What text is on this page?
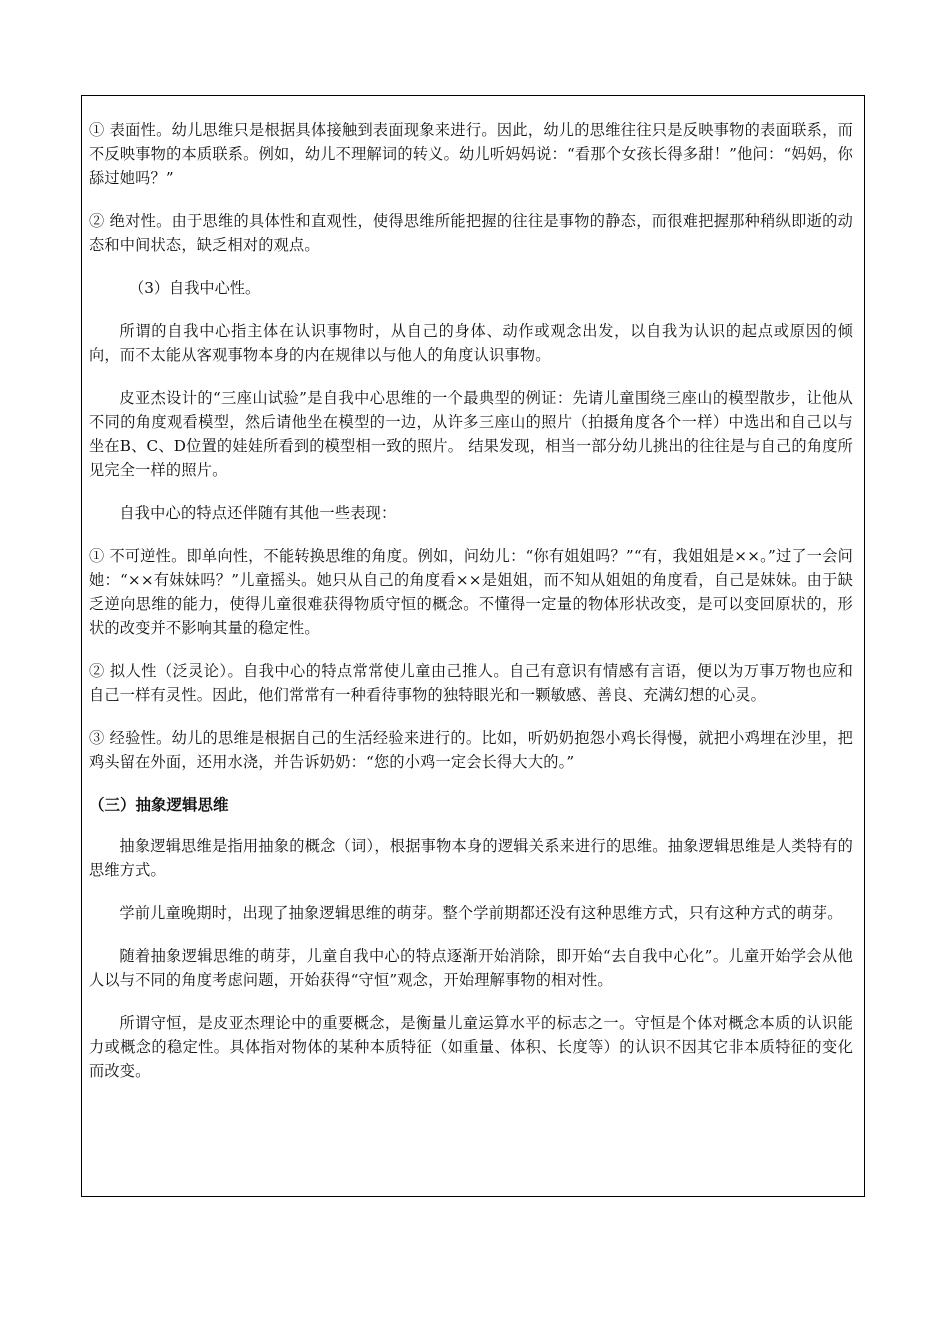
① 表面性。幼儿思维只是根据具体接触到表面现象来进行。因此，幼儿的思维往往只是反映事物的表面联系，而不反映事物的本质联系。例如，幼儿不理解词的转义。幼儿听妈妈说：“看那个女孩长得多甜！”他问：“妈妈，你舔过她吗？”

② 绝对性。由于思维的具体性和直观性，使得思维所能把握的往往是事物的静态，而很难把握那种稍纵即逝的动态和中间状态，缺乏相对的观点。

（3）自我中心性。

所谓的自我中心指主体在认识事物时，从自己的身体、动作或观念出发，以自我为认识的起点或原因的倾向，而不太能从客观事物本身的内在规律以与他人的角度认识事物。

皮亚杰设计的“三座山试验”是自我中心思维的一个最典型的例证：先请儿童围绕三座山的模型散步，让他从不同的角度观看模型，然后请他坐在模型的一边，从许多三座山的照片（拍摄角度各个一样）中选出和自己以与坐在B、C、D位置的娃娃所看到的模型相一致的照片。 结果发现，相当一部分幼儿挑出的往往是与自己的角度所见完全一样的照片。

自我中心的特点还伴随有其他一些表现：

① 不可逆性。即单向性，不能转换思维的角度。例如，问幼儿：“你有姐姐吗？”“有，我姐姐是××。”过了一会问她：“××有妹妹吗？”儿童摇头。她只从自己的角度看××是姐姐，而不知从姐姐的角度看，自己是妹妹。由于缺乏逆向思维的能力，使得儿童很难获得物质守恒的概念。不懂得一定量的物体形状改变，是可以变回原状的，形状的改变并不影响其量的稳定性。

② 拟人性（泛灵论）。自我中心的特点常常使儿童由己推人。自己有意识有情感有言语，便以为万事万物也应和自己一样有灵性。因此，他们常常有一种看待事物的独特眼光和一颗敏感、善良、充满幻想的心灵。

③ 经验性。幼儿的思维是根据自己的生活经验来进行的。比如，听奶奶抱怨小鸡长得慢，就把小鸡埋在沙里，把鸡头留在外面，还用水浇，并告诉奶奶：“您的小鸡一定会长得大大的。”

（三）抽象逻辑思维

抽象逻辑思维是指用抽象的概念（词），根据事物本身的逻辑关系来进行的思维。抽象逻辑思维是人类特有的思维方式。

学前儿童晚期时，出现了抽象逻辑思维的萌芽。整个学前期都还没有这种思维方式，只有这种方式的萌芽。

随着抽象逻辑思维的萌芽，儿童自我中心的特点逐渐开始消除，即开始“去自我中心化”。儿童开始学会从他人以与不同的角度考虑问题，开始获得“守恒”观念，开始理解事物的相对性。

所谓守恒，是皮亚杰理论中的重要概念，是衡量儿童运算水平的标志之一。守恒是个体对概念本质的认识能力或概念的稳定性。具体指对物体的某种本质特征（如重量、体积、长度等）的认识不因其它非本质特征的变化而改变。
